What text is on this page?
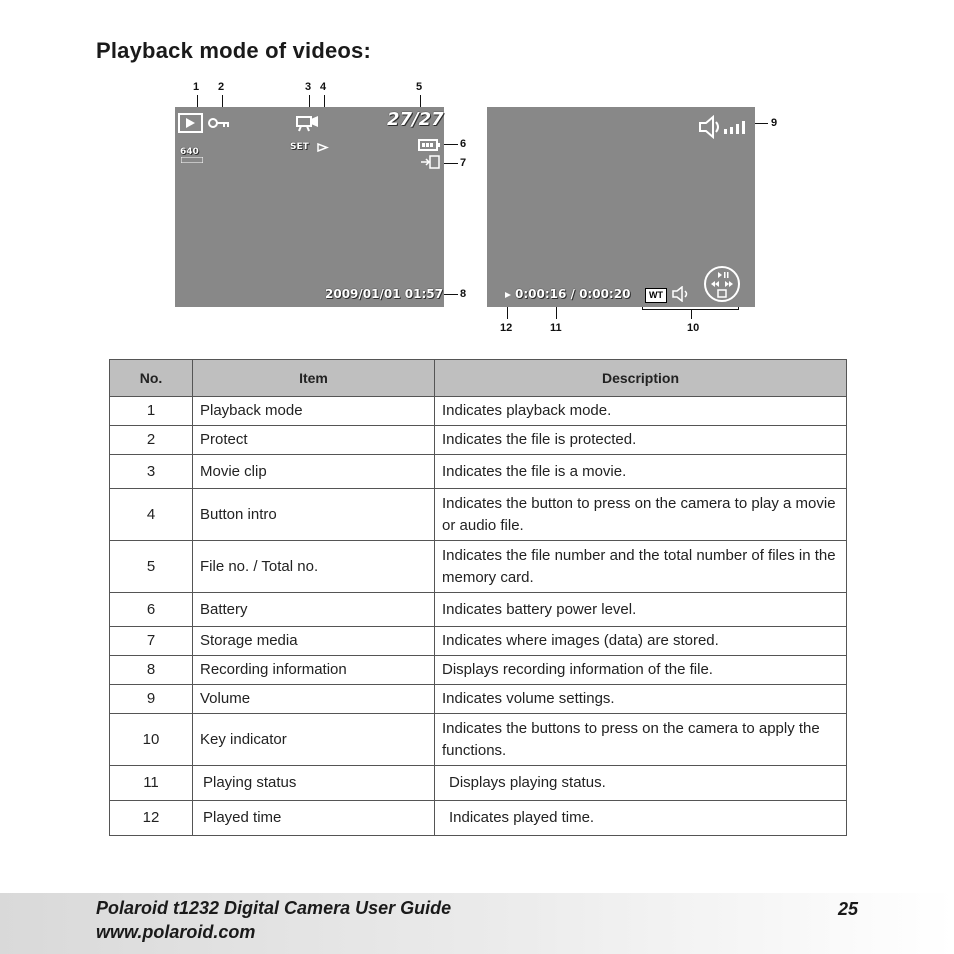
Playback mode of videos:
1 2	3 4	5
6
7
8
SET
27/27
640
2009/01/01 01:57
9
10
11
12
0:00:16 / 0:00:20	WT
No.	Item	Description
1	Playback mode	Indicates playback mode.
2	Protect	Indicates the file is protected.
3	Movie clip	Indicates the file is a movie.
4	Button intro	Indicates the button to press on the camera to play a movie or audio file.
5	File no. / Total no.	Indicates the file number and the total number of files in the memory card.
6	Battery	Indicates battery power level.
7	Storage media	Indicates where images (data) are stored.
8	Recording information	Displays recording information of the file.
9	Volume	Indicates volume settings.
10	Key indicator	Indicates the buttons to press on the camera to apply the functions.
11	Playing status	Displays playing status.
12	Played time	Indicates played time.
Polaroid t1232 Digital Camera User Guide
www.polaroid.com
25
